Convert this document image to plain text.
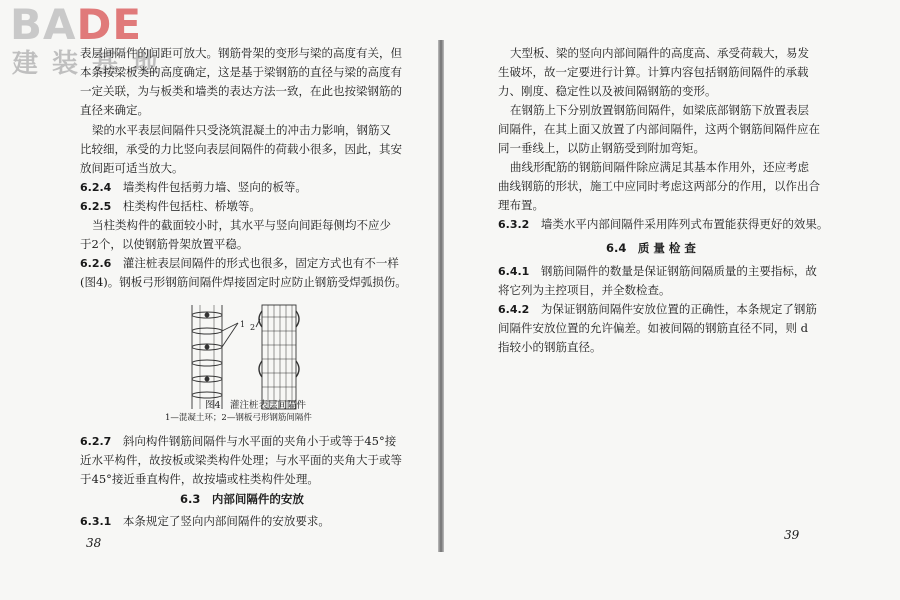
BADE
建装基地
表层间隔件的间距可放大。钢筋骨架的变形与梁的高度有关，但
本条按梁板类的高度确定，这是基于梁钢筋的直径与梁的高度有
一定关联，为与板类和墙类的表达方法一致，在此也按梁钢筋的
直径来确定。
梁的水平表层间隔件只受浇筑混凝土的冲击力影响，钢筋又
比较细，承受的力比竖向表层间隔件的荷载小很多，因此，其安
放间距可适当放大。
6.2.4　 墙类构件包括剪力墙、竖向的板等。
6.2.5　 柱类构件包括柱、桥墩等。
当柱类构件的截面较小时，其水平与竖向间距每侧均不应少
于2个，以使钢筋骨架放置平稳。
6.2.6　 灌注桩表层间隔件的形式也很多，固定方式也有不一样
(图4)。钢板弓形钢筋间隔件焊接固定时应防止钢筋受焊弧损伤。
1 2
图4　灌注桩表层间隔件
1—混凝土环；2—钢板弓形钢筋间隔件
6.2.7　 斜向构件钢筋间隔件与水平面的夹角小于或等于45°接
近水平构件，故按板或梁类构件处理；与水平面的夹角大于或等
于45°接近垂直构件，故按墙或柱类构件处理。
6.3　内部间隔件的安放
6.3.1　 本条规定了竖向内部间隔件的安放要求。
38
大型板、梁的竖向内部间隔件的高度高、承受荷载大，易发
生破坏，故一定要进行计算。计算内容包括钢筋间隔件的承载
力、刚度、稳定性以及被间隔钢筋的变形。
在钢筋上下分别放置钢筋间隔件，如梁底部钢筋下放置表层
间隔件，在其上面又放置了内部间隔件，这两个钢筋间隔件应在
同一垂线上，以防止钢筋受到附加弯矩。
曲线形配筋的钢筋间隔件除应满足其基本作用外，还应考虑
曲线钢筋的形状，施工中应同时考虑这两部分的作用，以作出合
理布置。
6.3.2　 墙类水平内部间隔件采用阵列式布置能获得更好的效果。
6.4　质 量 检 查
6.4.1　 钢筋间隔件的数量是保证钢筋间隔质量的主要指标，故
将它列为主控项目，并全数检查。
6.4.2　 为保证钢筋间隔件安放位置的正确性，本条规定了钢筋
间隔件安放位置的允许偏差。如被间隔的钢筋直径不同，则 d
指较小的钢筋直径。
39
